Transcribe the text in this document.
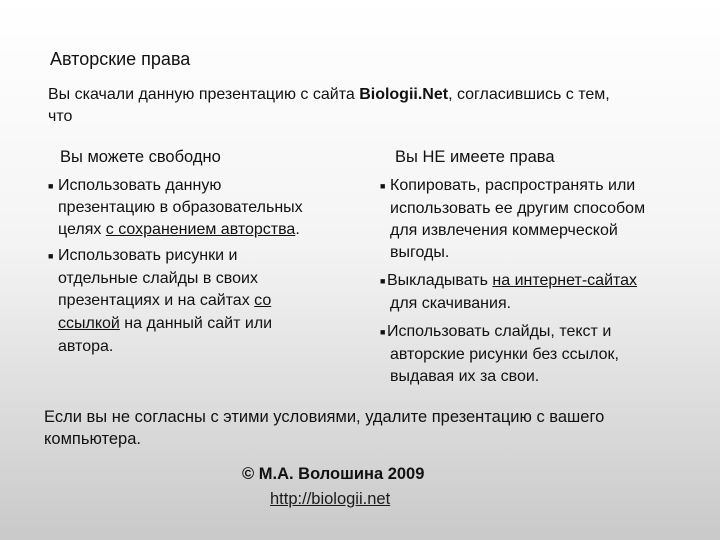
Авторские права
Вы скачали данную презентацию с сайта Biologii.Net, согласившись с тем,
что
Вы можете свободно	Вы НЕ имеете права
■ Использовать данную
презентацию в образовательных
целях с сохранением авторства.
■ Использовать рисунки и
отдельные слайды в своих
презентациях и на сайтах со
ссылкой на данный сайт или
автора.
■ Копировать, распространять или
использовать ее другим способом
для извлечения коммерческой
выгоды.
■ Выкладывать на интернет-сайтах
для скачивания.
■ Использовать слайды, текст и
авторские рисунки без ссылок,
выдавая их за свои.
Если вы не согласны с этими условиями, удалите презентацию с вашего
компьютера.
© М.А. Волошина 2009
http://biologii.net
